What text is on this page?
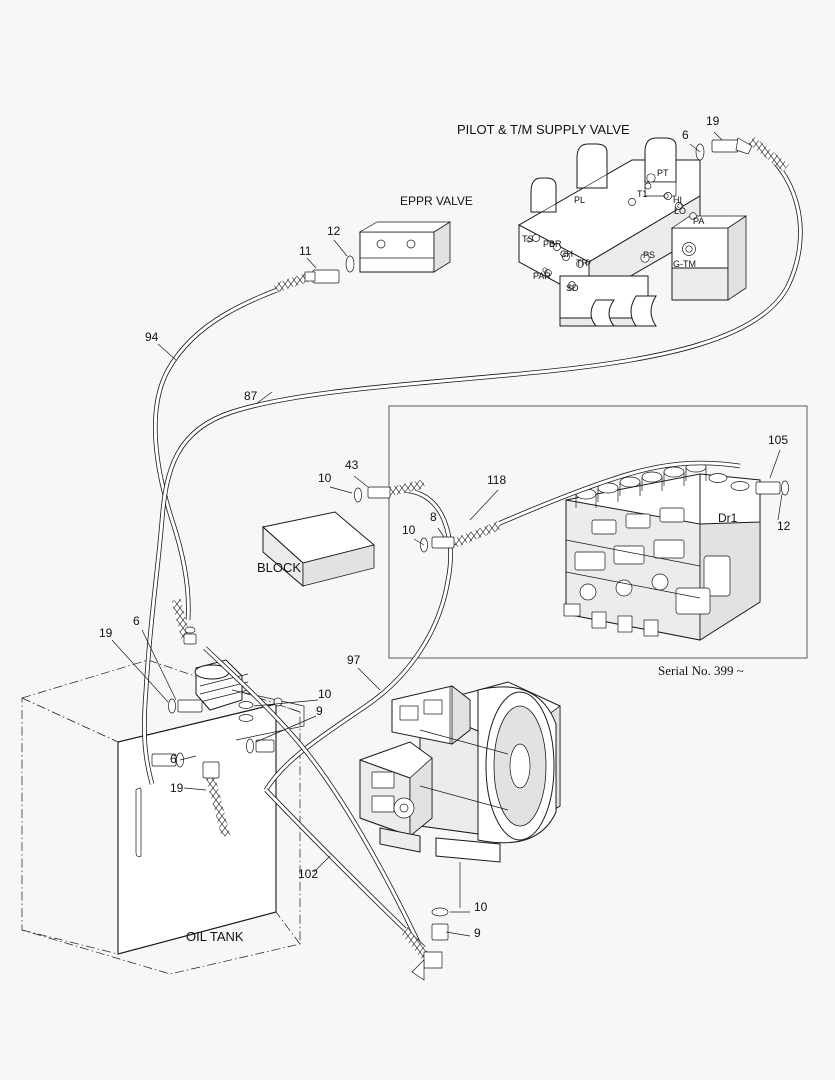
PILOT & T/M SUPPLY VALVE
EPPR VALVE
BLOCK
OIL TANK
Serial No. 399 ~
PT
PL
T1
HI
LO
PA
TS PBR
CH
TR
PS
G-TM
PAR
SD
Dr1
11
12
94
87
6
19
10
43
118
10
8
105
12
19
6
10
9
6
19
97
102
10
9
